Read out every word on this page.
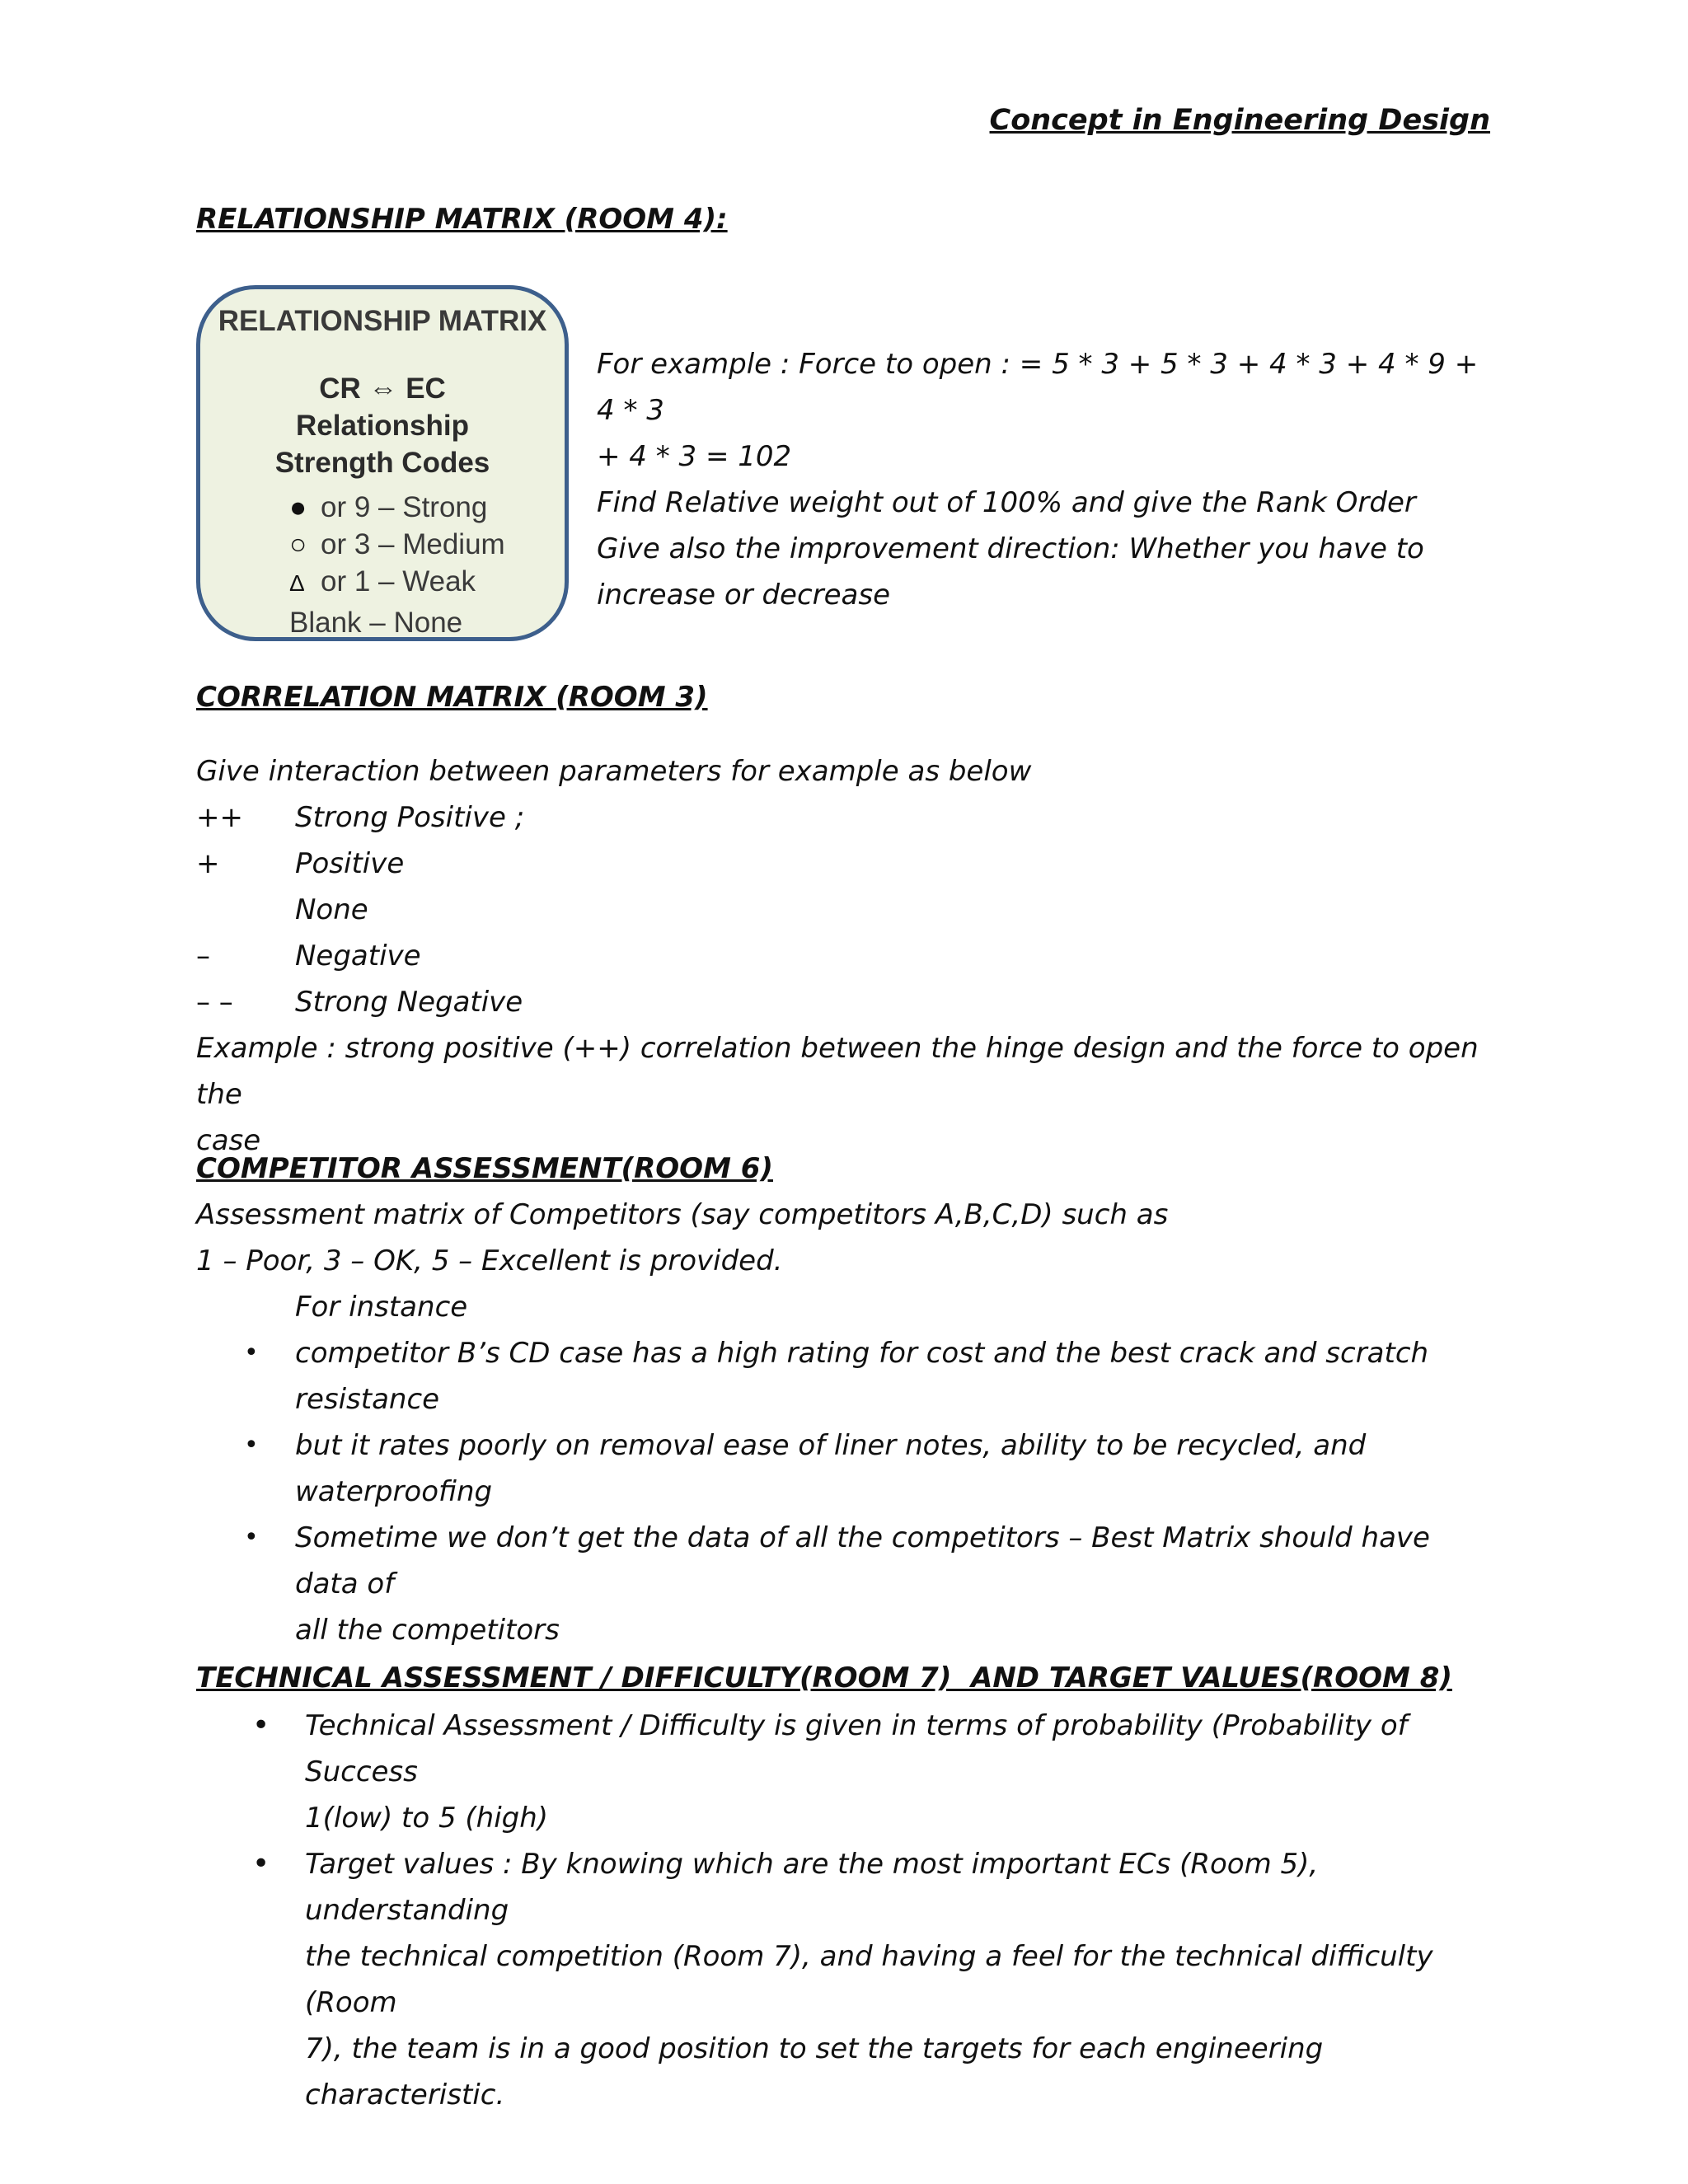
Concept in Engineering Design
RELATIONSHIP MATRIX (ROOM 4):
RELATIONSHIP MATRIX
CR ⇔ EC
Relationship
Strength Codes
● or 9 – Strong
○ or 3 – Medium
Δ or 1 – Weak
Blank – None
For example : Force to open : = 5 * 3 + 5 * 3 + 4 * 3 + 4 * 9 + 4 * 3
+ 4 * 3 = 102
Find Relative weight out of 100% and give the Rank Order
Give also the improvement direction: Whether you have to
increase or decrease
CORRELATION MATRIX (ROOM 3)
Give interaction between parameters for example as below
++	Strong Positive ;
+	Positive
None
–	Negative
– –	Strong Negative
Example : strong positive (++) correlation between the hinge design and the force to open the
case
COMPETITOR ASSESSMENT(ROOM 6)
Assessment matrix of Competitors (say competitors A,B,C,D) such as
1 – Poor, 3 – OK, 5 – Excellent is provided.
For instance
• competitor B’s CD case has a high rating for cost and the best crack and scratch
resistance
• but it rates poorly on removal ease of liner notes, ability to be recycled, and
waterproofing
• Sometime we don’t get the data of all the competitors – Best Matrix should have data of
all the competitors
TECHNICAL ASSESSMENT / DIFFICULTY(ROOM 7)  AND TARGET VALUES(ROOM 8)
• Technical Assessment / Difficulty is given in terms of probability (Probability of Success
1(low) to 5 (high)
• Target values : By knowing which are the most important ECs (Room 5), understanding
the technical competition (Room 7), and having a feel for the technical difficulty (Room
7), the team is in a good position to set the targets for each engineering characteristic.
